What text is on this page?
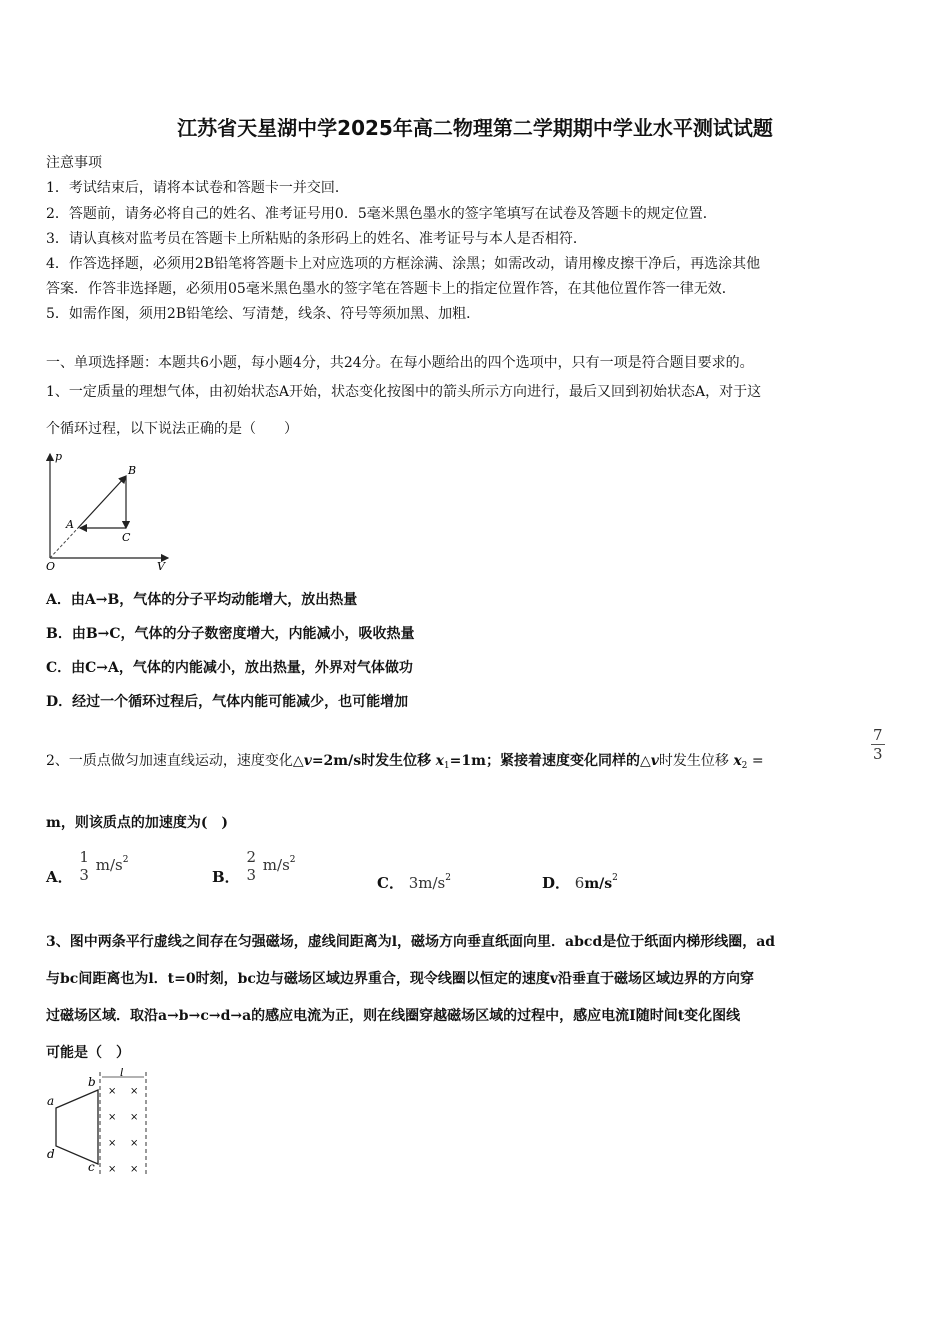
江苏省天星湖中学2025年高二物理第二学期期中学业水平测试试题
注意事项
1．考试结束后，请将本试卷和答题卡一并交回．
2．答题前，请务必将自己的姓名、准考证号用0．5毫米黑色墨水的签字笔填写在试卷及答题卡的规定位置．
3．请认真核对监考员在答题卡上所粘贴的条形码上的姓名、准考证号与本人是否相符．
4．作答选择题，必须用2B铅笔将答题卡上对应选项的方框涂满、涂黑；如需改动，请用橡皮擦干净后，再选涂其他
答案．作答非选择题，必须用05毫米黑色墨水的签字笔在答题卡上的指定位置作答，在其他位置作答一律无效．
5．如需作图，须用2B铅笔绘、写清楚，线条、符号等须加黑、加粗．
一、单项选择题：本题共6小题，每小题4分，共24分。在每小题给出的四个选项中，只有一项是符合题目要求的。
1、一定质量的理想气体，由初始状态A开始，状态变化按图中的箭头所示方向进行，最后又回到初始状态A，对于这
个循环过程，以下说法正确的是（　　）
p
V
O
A
B
C
A．由A→B，气体的分子平均动能增大，放出热量
B．由B→C，气体的分子数密度增大，内能减小，吸收热量
C．由C→A，气体的内能减小，放出热量，外界对气体做功
D．经过一个循环过程后，气体内能可能减少，也可能增加
2、一质点做匀加速直线运动，速度变化△v=2m/s时发生位移 $x_1=1m$；紧接着速度变化同样的△v时发生位移 $x_2$ =	$\frac{7}{3}$
m，则该质点的加速度为(　)
A．
1
3
$m/s^2$
B．
2
3
$m/s^2$
C． $3m/s^2$	D． $6m/s^2$
3、图中两条平行虚线之间存在匀强磁场，虚线间距离为l，磁场方向垂直纸面向里．abcd是位于纸面内梯形线圈，ad
与bc间距离也为l．t=0时刻，bc边与磁场区域边界重合，现令线圈以恒定的速度v沿垂直于磁场区域边界的方向穿
过磁场区域．取沿a→b→c→d→a的感应电流为正，则在线圈穿越磁场区域的过程中，感应电流I随时间t变化图线
可能是（　）
a
b
c
d
l
× ×
× ×
× ×
× ×
